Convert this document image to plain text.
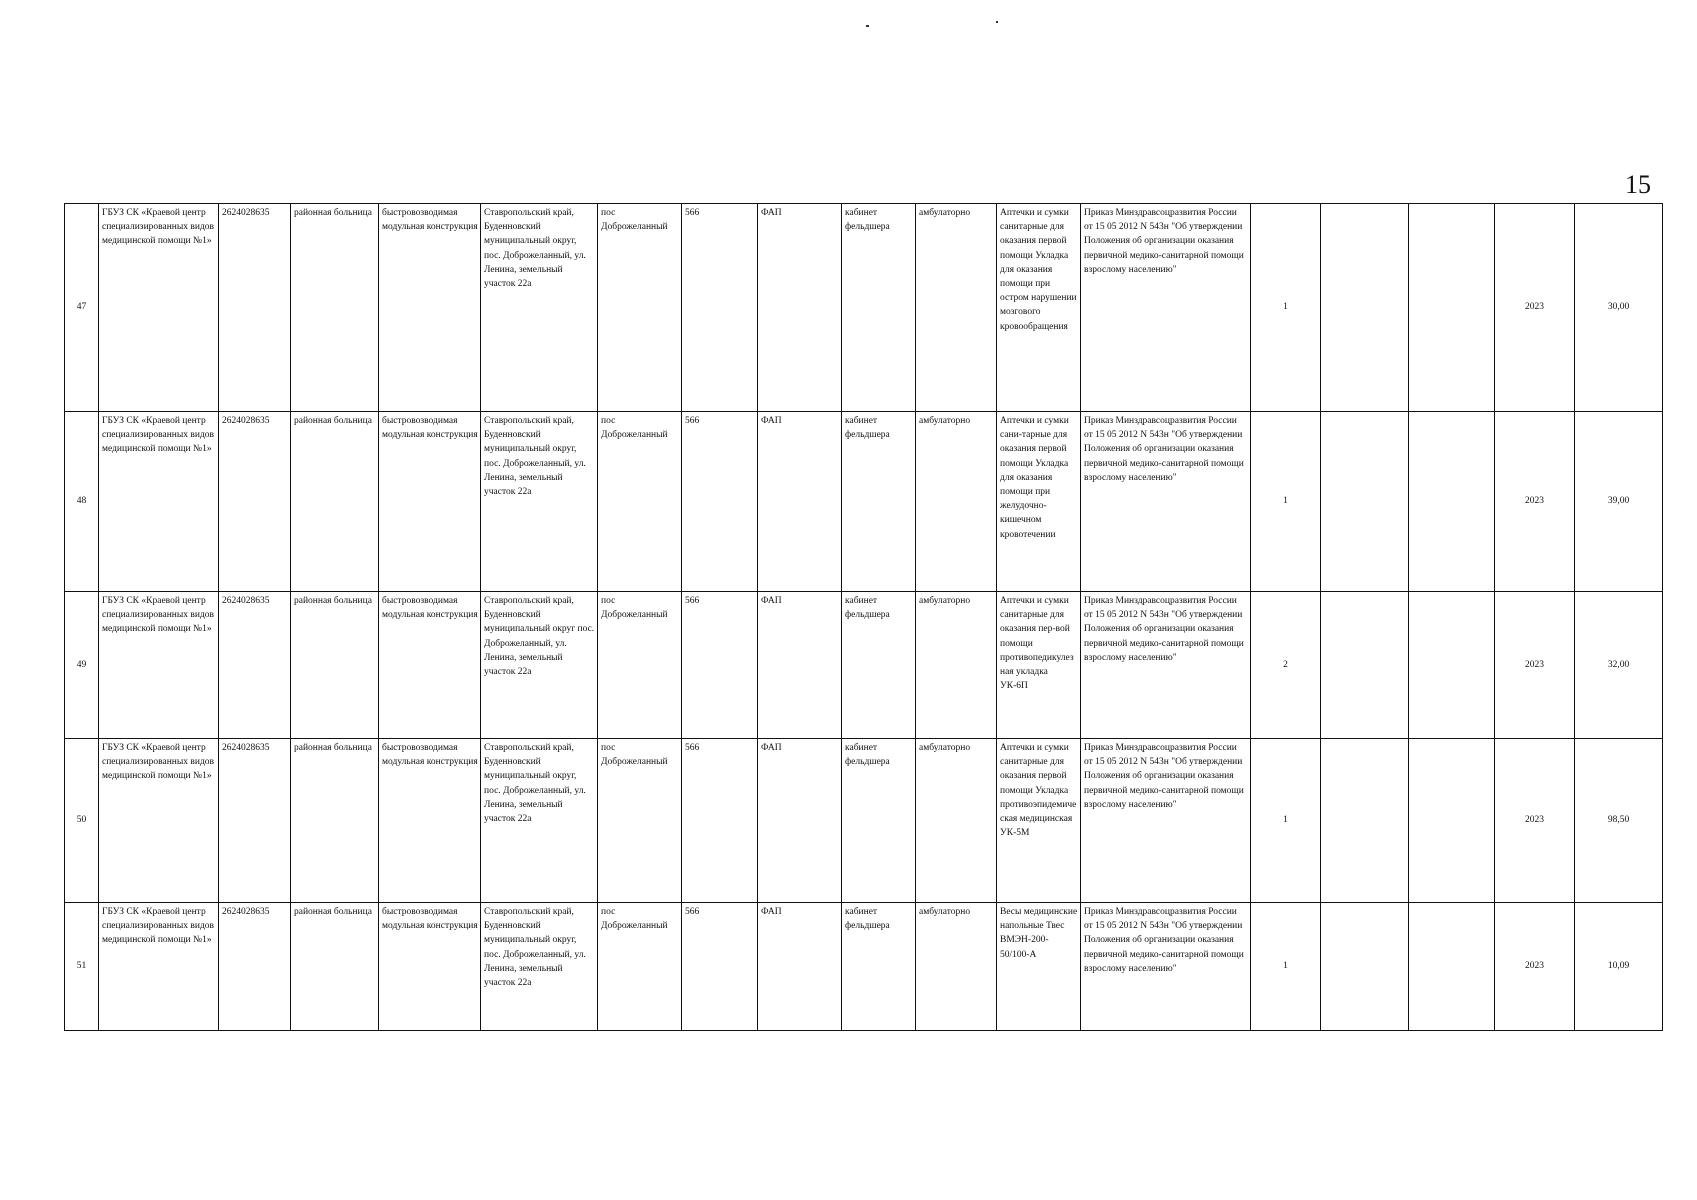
15
47	ГБУЗ СК «Краевой центр специализированных видов медицинской помощи №1»	2624028635	районная больница	быстровозводимая модульная конструкция	Ставропольский край, Буденновский муниципальный округ, пос. Доброжеланный, ул. Ленина, земельный участок 22а	пос Доброжеланный	566	ФАП	кабинет фельдшера	амбулаторно	Аптечки и сумки санитарные для оказания первой помощи Укладка для оказания помощи при остром нарушении мозгового кровообращения	Приказ Минздравсоцразвития России от 15 05 2012 N 543н "Об утверждении Положения об организации оказания первичной медико-санитарной помощи взрослому населению"	1			2023	30,00
48	ГБУЗ СК «Краевой центр специализированных видов медицинской помощи №1»	2624028635	районная больница	быстровозводимая модульная конструкция	Ставропольский край, Буденновский муниципальный округ, пос. Доброжеланный, ул. Ленина, земельный участок 22а	пос Доброжеланный	566	ФАП	кабинет фельдшера	амбулаторно	Аптечки и сумки сани-тарные для оказания первой помощи Укладка для оказания помощи при желудочно-кишечном кровотечении	Приказ Минздравсоцразвития России от 15 05 2012 N 543н "Об утверждении Положения об организации оказания первичной медико-санитарной помощи взрослому населению"	1			2023	39,00
49	ГБУЗ СК «Краевой центр специализированных видов медицинской помощи №1»	2624028635	районная больница	быстровозводимая модульная конструкция	Ставропольский край, Буденновский муниципальный округ пос. Доброжеланный, ул. Ленина, земельный участок 22а	пос Доброжеланный	566	ФАП	кабинет фельдшера	амбулаторно	Аптечки и сумки санитарные для оказания пер-вой помощи противопедикулезная укладка УК-6П	Приказ Минздравсоцразвития России от 15 05 2012 N 543н "Об утверждении Положения об организации оказания первичной медико-санитарной помощи взрослому населению"	2			2023	32,00
50	ГБУЗ СК «Краевой центр специализированных видов медицинской помощи №1»	2624028635	районная больница	быстровозводимая модульная конструкция	Ставропольский край, Буденновский муниципальный округ, пос. Доброжеланный, ул. Ленина, земельный участок 22а	пос Доброжеланный	566	ФАП	кабинет фельдшера	амбулаторно	Аптечки и сумки санитарные для оказания первой помощи Укладка противоэпидемическая медицинская УК-5М	Приказ Минздравсоцразвития России от 15 05 2012 N 543н "Об утверждении Положения об организации оказания первичной медико-санитарной помощи взрослому населению"	1			2023	98,50
51	ГБУЗ СК «Краевой центр специализированных видов медицинской помощи №1»	2624028635	районная больница	быстровозводимая модульная конструкция	Ставропольский край, Буденновский муниципальный округ, пос. Доброжеланный, ул. Ленина, земельный участок 22а	пос Доброжеланный	566	ФАП	кабинет фельдшера	амбулаторно	Весы медицинские напольные Твес ВМЭН-200-50/100-А	Приказ Минздравсоцразвития России от 15 05 2012 N 543н "Об утверждении Положения об организации оказания первичной медико-санитарной помощи взрослому населению"	1			2023	10,09
